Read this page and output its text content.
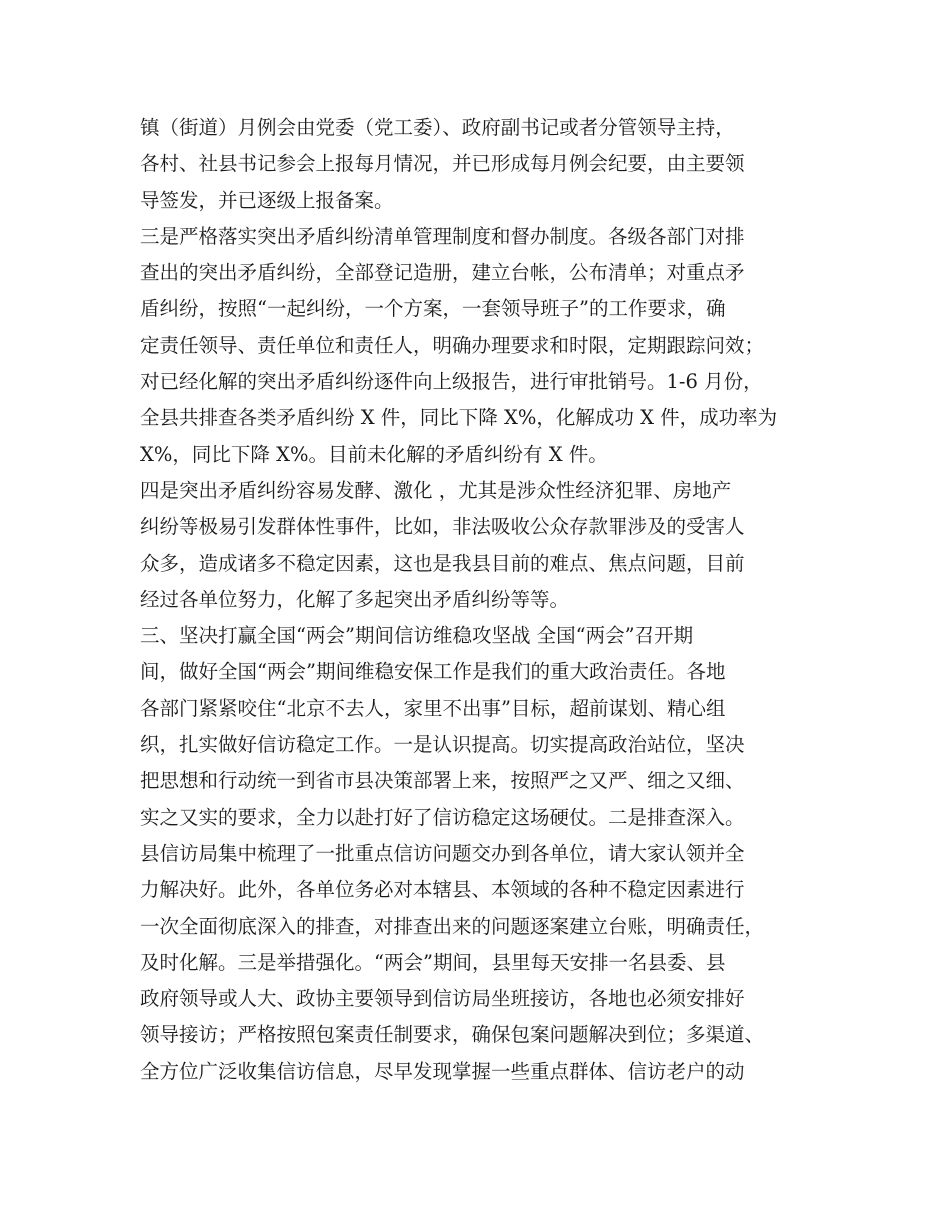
镇（街道）月例会由党委（党工委）、政府副书记或者分管领导主持，
各村、社县书记参会上报每月情况，并已形成每月例会纪要，由主要领
导签发，并已逐级上报备案。
三是严格落实突出矛盾纠纷清单管理制度和督办制度。各级各部门对排
查出的突出矛盾纠纷，全部登记造册，建立台帐，公布清单；对重点矛
盾纠纷，按照“一起纠纷，一个方案，一套领导班子”的工作要求，确
定责任领导、责任单位和责任人，明确办理要求和时限，定期跟踪问效；
对已经化解的突出矛盾纠纷逐件向上级报告，进行审批销号。1-6 月份，
全县共排查各类矛盾纠纷 X 件，同比下降 X%，化解成功 X 件，成功率为
X%，同比下降 X%。目前未化解的矛盾纠纷有 X 件。
四是突出矛盾纠纷容易发酵、激化 ，尤其是涉众性经济犯罪、房地产
纠纷等极易引发群体性事件，比如，非法吸收公众存款罪涉及的受害人
众多，造成诸多不稳定因素，这也是我县目前的难点、焦点问题，目前
经过各单位努力，化解了多起突出矛盾纠纷等等。
三、坚决打赢全国“两会”期间信访维稳攻坚战 全国“两会”召开期
间，做好全国“两会”期间维稳安保工作是我们的重大政治责任。各地
各部门紧紧咬住“北京不去人，家里不出事”目标，超前谋划、精心组
织，扎实做好信访稳定工作。一是认识提高。切实提高政治站位，坚决
把思想和行动统一到省市县决策部署上来，按照严之又严、细之又细、
实之又实的要求，全力以赴打好了信访稳定这场硬仗。二是排查深入。
县信访局集中梳理了一批重点信访问题交办到各单位，请大家认领并全
力解决好。此外，各单位务必对本辖县、本领域的各种不稳定因素进行
一次全面彻底深入的排查，对排查出来的问题逐案建立台账，明确责任，
及时化解。三是举措强化。“两会”期间，县里每天安排一名县委、县
政府领导或人大、政协主要领导到信访局坐班接访，各地也必须安排好
领导接访；严格按照包案责任制要求，确保包案问题解决到位；多渠道、
全方位广泛收集信访信息，尽早发现掌握一些重点群体、信访老户的动
